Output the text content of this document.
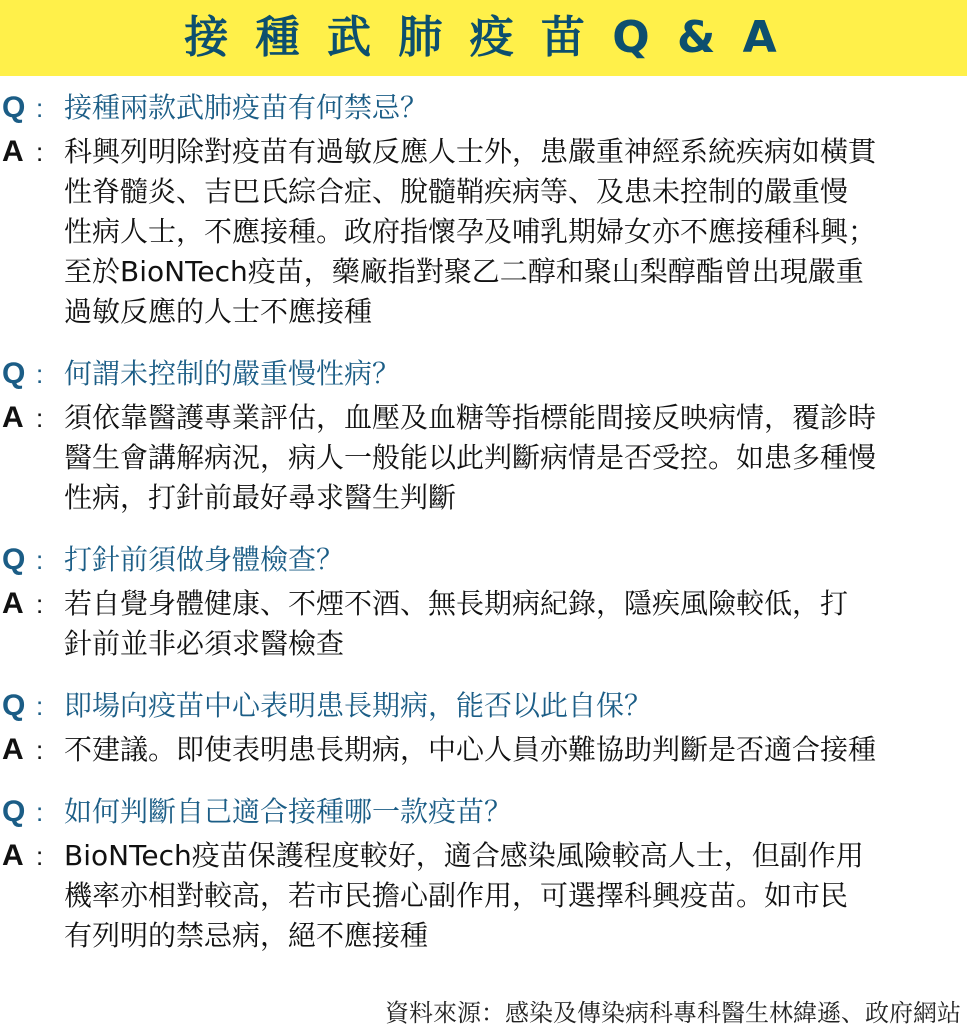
接 種 武 肺 疫 苗 Q & A
Q : 接種兩款武肺疫苗有何禁忌？
A : 科興列明除對疫苗有過敏反應人士外，患嚴重神經系統疾病如橫貫
性脊髓炎、吉巴氏綜合症、脫髓鞘疾病等、及患未控制的嚴重慢
性病人士，不應接種。政府指懷孕及哺乳期婦女亦不應接種科興；
至於BioNTech疫苗，藥廠指對聚乙二醇和聚山梨醇酯曾出現嚴重
過敏反應的人士不應接種
Q : 何謂未控制的嚴重慢性病？
A : 須依靠醫護專業評估，血壓及血糖等指標能間接反映病情，覆診時
醫生會講解病況，病人一般能以此判斷病情是否受控。如患多種慢
性病，打針前最好尋求醫生判斷
Q : 打針前須做身體檢查？
A : 若自覺身體健康、不煙不酒、無長期病紀錄，隱疾風險較低，打
針前並非必須求醫檢查
Q : 即場向疫苗中心表明患長期病，能否以此自保？
A : 不建議。即使表明患長期病，中心人員亦難協助判斷是否適合接種
Q : 如何判斷自己適合接種哪一款疫苗？
A : BioNTech疫苗保護程度較好，適合感染風險較高人士，但副作用
機率亦相對較高，若市民擔心副作用，可選擇科興疫苗。如市民
有列明的禁忌病，絕不應接種
資料來源：感染及傳染病科專科醫生林緯遜、政府網站
